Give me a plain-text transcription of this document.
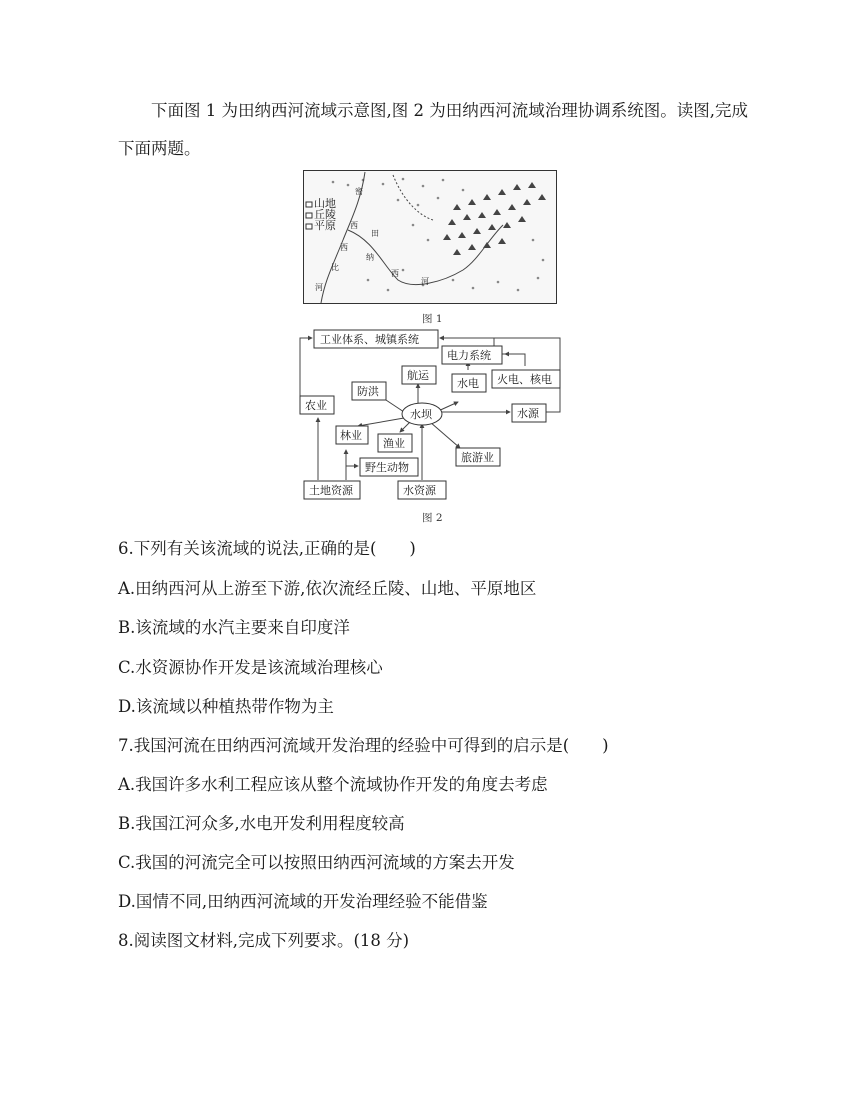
下面图 1 为田纳西河流域示意图,图 2 为田纳西河流域治理协调系统图。读图,完成下面两题。
山地
丘陵
平原
密
西
西
比
河
田
纳
西
河
图 1
工业体系、城镇系统
电力系统
火电、核电
水电
航运
防洪
水坝	水源
农业
林业
渔业
旅游业
野生动物
土地资源	水资源
图 2
6.下列有关该流域的说法,正确的是(　　)
A.田纳西河从上游至下游,依次流经丘陵、山地、平原地区
B.该流域的水汽主要来自印度洋
C.水资源协作开发是该流域治理核心
D.该流域以种植热带作物为主
7.我国河流在田纳西河流域开发治理的经验中可得到的启示是(　　)
A.我国许多水利工程应该从整个流域协作开发的角度去考虑
B.我国江河众多,水电开发利用程度较高
C.我国的河流完全可以按照田纳西河流域的方案去开发
D.国情不同,田纳西河流域的开发治理经验不能借鉴
8.阅读图文材料,完成下列要求。(18 分)
